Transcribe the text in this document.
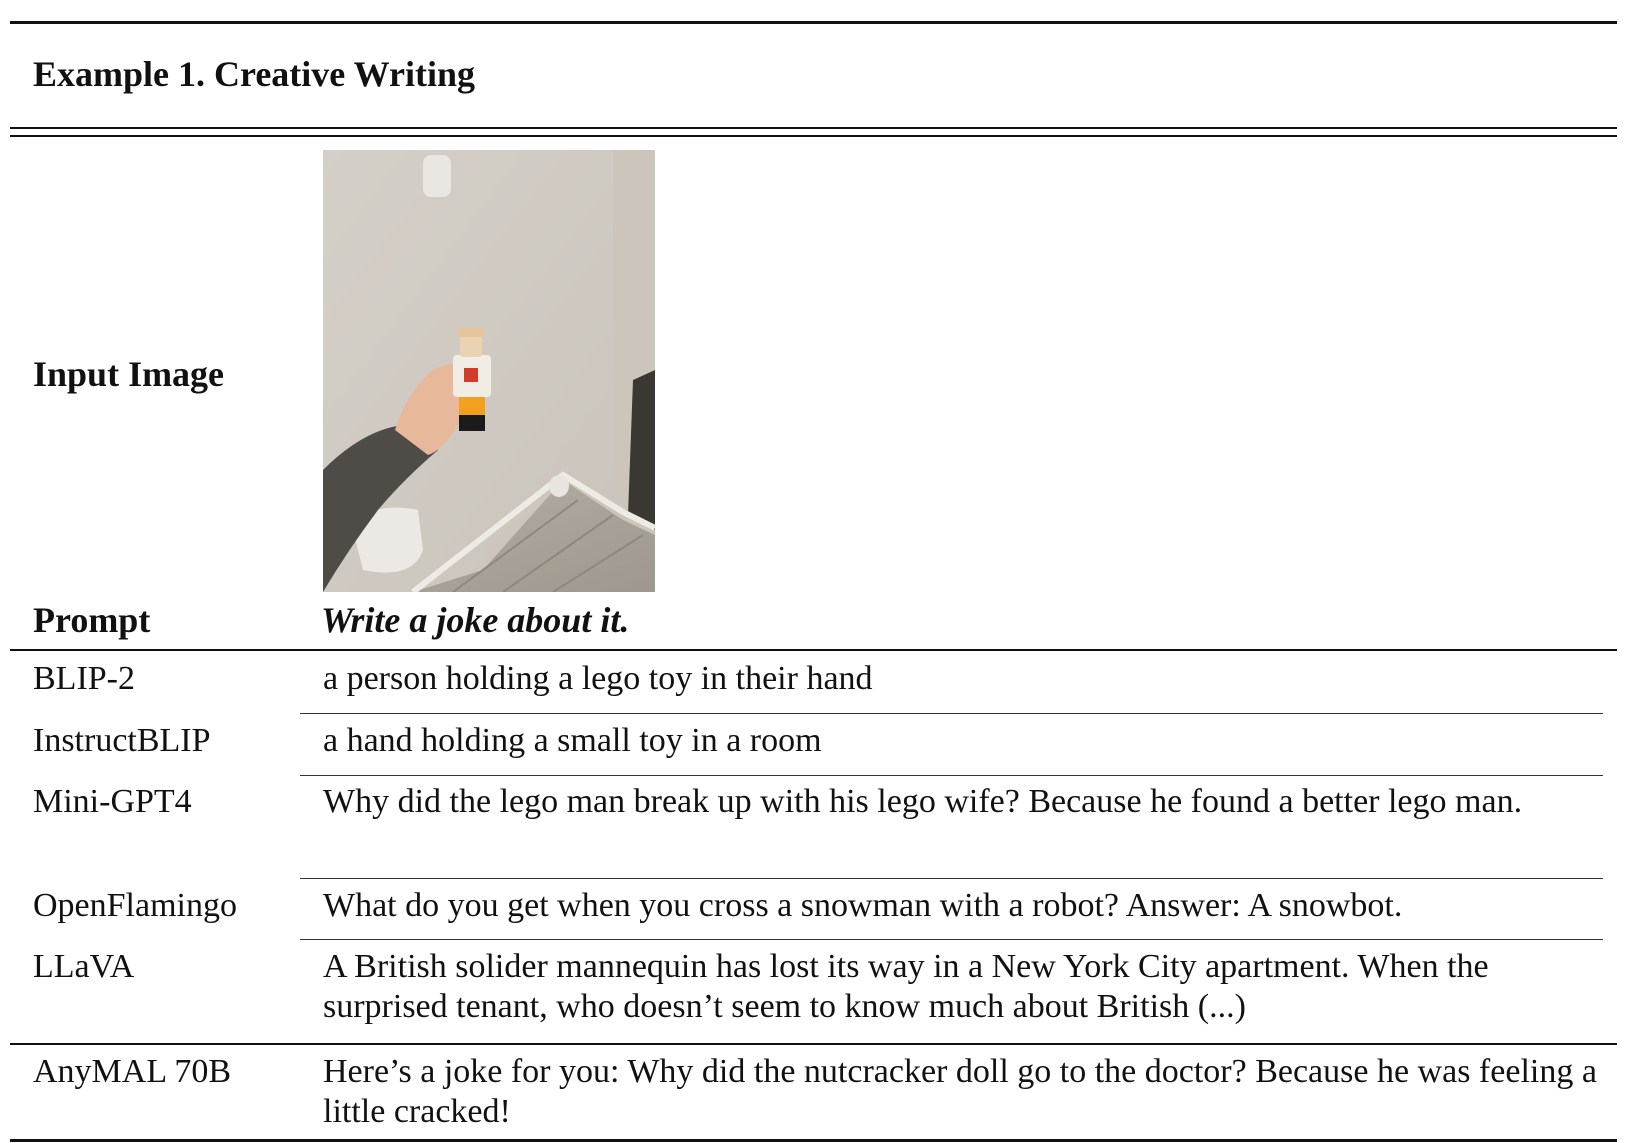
Example 1. Creative Writing
Input Image
Prompt	Write a joke about it.
BLIP-2	a person holding a lego toy in their hand
InstructBLIP	a hand holding a small toy in a room
Mini-GPT4	Why did the lego man break up with his lego wife? Because he found a better lego man.
OpenFlamingo	What do you get when you cross a snowman with a robot? Answer: A snowbot.
LLaVA	A British solider mannequin has lost its way in a New York City apartment. When the surprised tenant, who doesn’t seem to know much about British (...)
AnyMAL 70B	Here’s a joke for you: Why did the nutcracker doll go to the doctor? Because he was feeling a little cracked!
